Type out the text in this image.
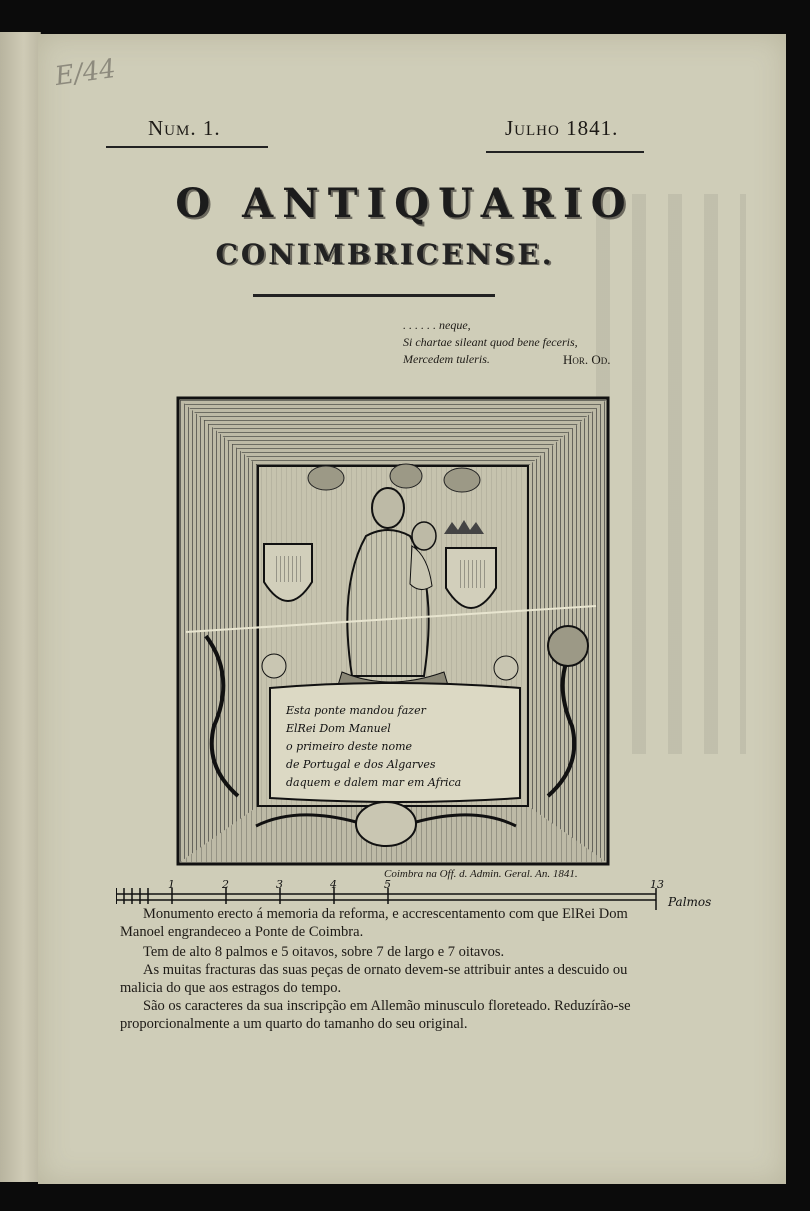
E/44
Num. 1.	Julho 1841.
O ANTIQUARIO
CONIMBRICENSE.
. . . . . . neque,
Si chartae sileant quod bene feceris,
Mercedem tuleris.	Hor. Od.
Esta ponte mandou fazer
ElRei Dom Manuel
o primeiro deste nome
de Portugal e dos Algarves
daquem e dalem mar em Africa
Coimbra na Off. d. Admin. Geral. An. 1841.
1	2	3	4	5	13
Palmos
Monumento erecto á memoria da reforma, e accrescentamento com que ElRei Dom
Manoel engrandeceo a Ponte de Coimbra.
Tem de alto 8 palmos e 5 oitavos, sobre 7 de largo e 7 oitavos.
As muitas fracturas das suas peças de ornato devem-se attribuir antes a descuido ou
malicia do que aos estragos do tempo.
São os caracteres da sua inscripção em Allemão minusculo floreteado. Reduzírão-se
proporcionalmente a um quarto do tamanho do seu original.
